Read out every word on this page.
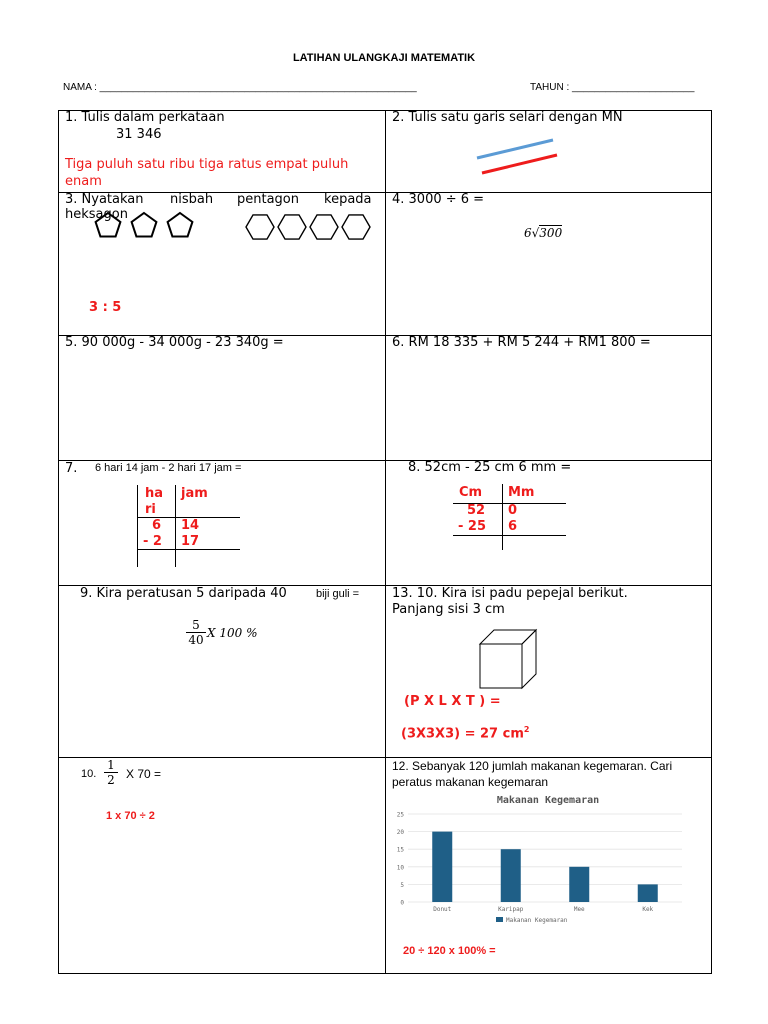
LATIHAN ULANGKAJI MATEMATIK
NAMA : _________________________________________________________	TAHUN : ______________________
1. Tulis dalam perkataan
31 346
Tiga puluh satu ribu tiga ratus empat puluh
enam
2. Tulis satu garis selari dengan MN
3. Nyatakan nisbah pentagon kepada
heksagon
3 : 5
4. 3000 ÷ 6 =
6√300
5. 90 000g - 34 000g - 23 340g =	6. RM 18 335 + RM 5 244 + RM1 800 =
7. 6 hari 14 jam - 2 hari 17 jam =
ha
ri
jam
6 14
- 2 17
8. 52cm - 25 cm 6 mm =
Cm Mm
52 0
- 25 6
9. Kira peratusan 5 daripada 40	biji guli =
$\frac{5}{40}$ X 100 %
13. 10. Kira isi padu pepejal berikut.
Panjang sisi 3 cm
(P X L X T ) =
(3X3X3) = 27 $cm^2$
10. $\frac{1}{2}$ X 70 =
1 x 70 ÷ 2
12. Sebanyak 120 jumlah makanan kegemaran. Cari
peratus makanan kegemaran
Makanan Kegemaran
0
5
10
15
20
25
Donut	Karipap	Mee	Kek
Makanan Kegemaran
20 ÷ 120 x 100% =
